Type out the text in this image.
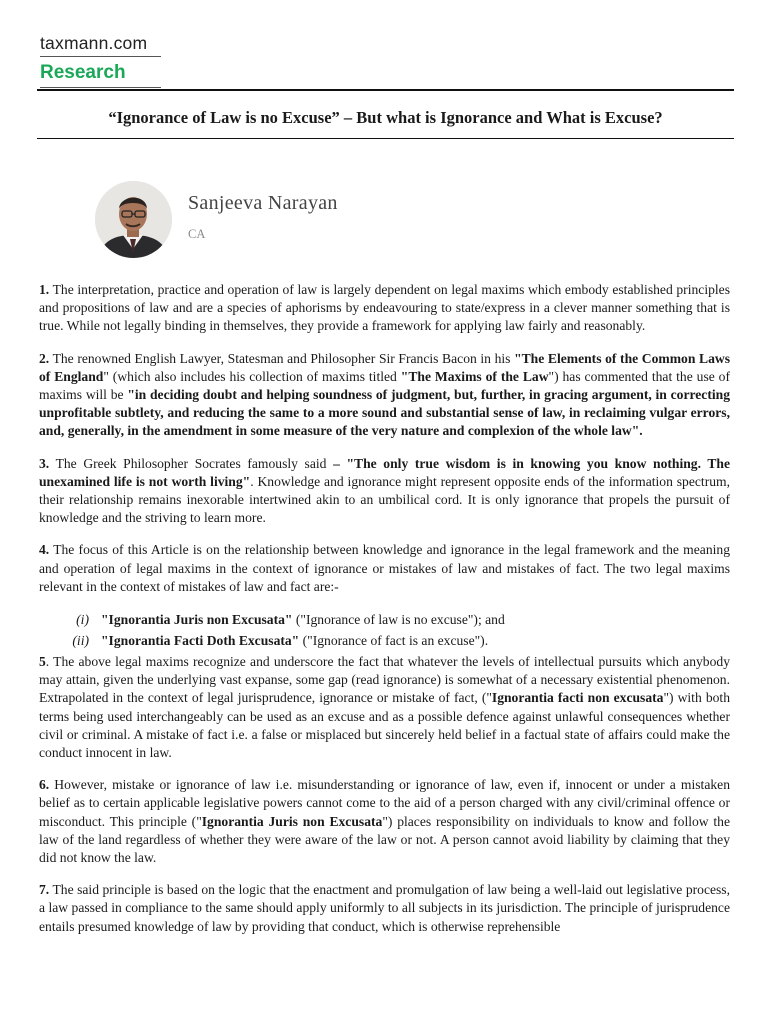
taxmann.com
Research
“Ignorance of Law is no Excuse” – But what is Ignorance and What is Excuse?
Sanjeeva Narayan
CA

1. The interpretation, practice and operation of law is largely dependent on legal maxims which embody established principles and propositions of law and are a species of aphorisms by endeavouring to state/express in a clever manner something that is true. While not legally binding in themselves, they provide a framework for applying law fairly and reasonably.

2. The renowned English Lawyer, Statesman and Philosopher Sir Francis Bacon in his "The Elements of the Common Laws of England" (which also includes his collection of maxims titled "The Maxims of the Law") has commented that the use of maxims will be "in deciding doubt and helping soundness of judgment, but, further, in gracing argument, in correcting unprofitable subtlety, and reducing the same to a more sound and substantial sense of law, in reclaiming vulgar errors, and, generally, in the amendment in some measure of the very nature and complexion of the whole law".

3. The Greek Philosopher Socrates famously said – "The only true wisdom is in knowing you know nothing. The unexamined life is not worth living". Knowledge and ignorance might represent opposite ends of the information spectrum, their relationship remains inexorable intertwined akin to an umbilical cord. It is only ignorance that propels the pursuit of knowledge and the striving to learn more.

4. The focus of this Article is on the relationship between knowledge and ignorance in the legal framework and the meaning and operation of legal maxims in the context of ignorance or mistakes of law and mistakes of fact. The two legal maxims relevant in the context of mistakes of law and fact are:-

(i) "Ignorantia Juris non Excusata" ("Ignorance of law is no excuse"); and
(ii) "Ignorantia Facti Doth Excusata" ("Ignorance of fact is an excuse").

5. The above legal maxims recognize and underscore the fact that whatever the levels of intellectual pursuits which anybody may attain, given the underlying vast expanse, some gap (read ignorance) is somewhat of a necessary existential phenomenon. Extrapolated in the context of legal jurisprudence, ignorance or mistake of fact, ("Ignorantia facti non excusata") with both terms being used interchangeably can be used as an excuse and as a possible defence against unlawful consequences whether civil or criminal. A mistake of fact i.e. a false or misplaced but sincerely held belief in a factual state of affairs could make the conduct innocent in law.

6. However, mistake or ignorance of law i.e. misunderstanding or ignorance of law, even if, innocent or under a mistaken belief as to certain applicable legislative powers cannot come to the aid of a person charged with any civil/criminal offence or misconduct. This principle ("Ignorantia Juris non Excusata") places responsibility on individuals to know and follow the law of the land regardless of whether they were aware of the law or not. A person cannot avoid liability by claiming that they did not know the law.

7. The said principle is based on the logic that the enactment and promulgation of law being a well-laid out legislative process, a law passed in compliance to the same should apply uniformly to all subjects in its jurisdiction. The principle of jurisprudence entails presumed knowledge of law by providing that conduct, which is otherwise reprehensible
